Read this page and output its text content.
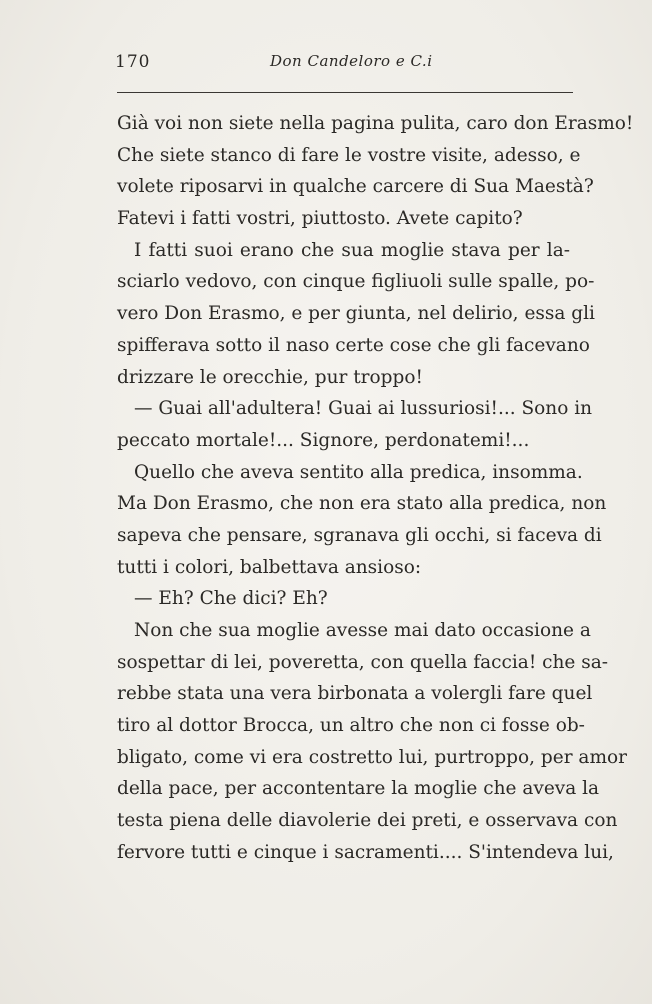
170	Don Candeloro e C.i
Già voi non siete nella pagina pulita, caro don Erasmo!
Che siete stanco di fare le vostre visite, adesso, e
volete riposarvi in qualche carcere di Sua Maestà?
Fatevi i fatti vostri, piuttosto. Avete capito?
I fatti suoi erano che sua moglie stava per la-
sciarlo vedovo, con cinque figliuoli sulle spalle, po-
vero Don Erasmo, e per giunta, nel delirio, essa gli
spifferava sotto il naso certe cose che gli facevano
drizzare le orecchie, pur troppo!
— Guai all'adultera! Guai ai lussuriosi!... Sono in
peccato mortale!... Signore, perdonatemi!...
Quello che aveva sentito alla predica, insomma.
Ma Don Erasmo, che non era stato alla predica, non
sapeva che pensare, sgranava gli occhi, si faceva di
tutti i colori, balbettava ansioso:
— Eh? Che dici? Eh?
Non che sua moglie avesse mai dato occasione a
sospettar di lei, poveretta, con quella faccia! che sa-
rebbe stata una vera birbonata a volergli fare quel
tiro al dottor Brocca, un altro che non ci fosse ob-
bligato, come vi era costretto lui, purtroppo, per amor
della pace, per accontentare la moglie che aveva la
testa piena delle diavolerie dei preti, e osservava con
fervore tutti e cinque i sacramenti.... S'intendeva lui,
